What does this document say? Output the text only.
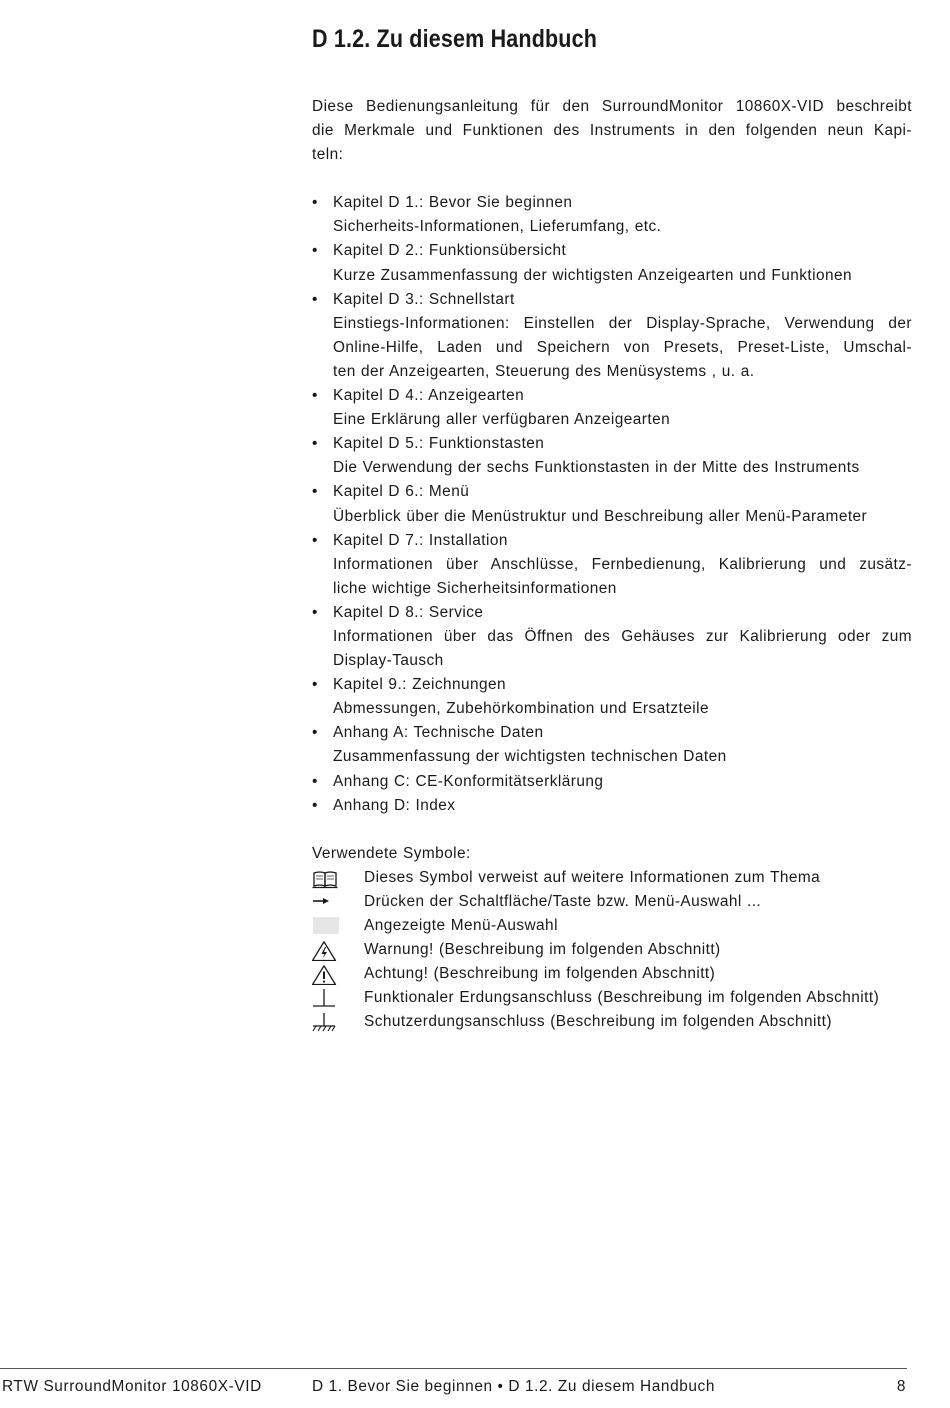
D 1.2. Zu diesem Handbuch
Diese Bedienungsanleitung für den SurroundMonitor 10860X-VID beschreibt
die Merkmale und Funktionen des Instruments in den folgenden neun Kapi-
teln:
• Kapitel D 1.: Bevor Sie beginnen
Sicherheits-Informationen, Lieferumfang, etc.
• Kapitel D 2.: Funktionsübersicht
Kurze Zusammenfassung der wichtigsten Anzeigearten und Funktionen
• Kapitel D 3.: Schnellstart
Einstiegs-Informationen: Einstellen der Display-Sprache, Verwendung der
Online-Hilfe, Laden und Speichern von Presets, Preset-Liste, Umschal-
ten der Anzeigearten, Steuerung des Menüsystems , u. a.
• Kapitel D 4.: Anzeigearten
Eine Erklärung aller verfügbaren Anzeigearten
• Kapitel D 5.: Funktionstasten
Die Verwendung der sechs Funktionstasten in der Mitte des Instruments
• Kapitel D 6.: Menü
Überblick über die Menüstruktur und Beschreibung aller Menü-Parameter
• Kapitel D 7.: Installation
Informationen über Anschlüsse, Fernbedienung, Kalibrierung und zusätz-
liche wichtige Sicherheitsinformationen
• Kapitel D 8.: Service
Informationen über das Öffnen des Gehäuses zur Kalibrierung oder zum
Display-Tausch
• Kapitel 9.: Zeichnungen
Abmessungen, Zubehörkombination und Ersatzteile
• Anhang A: Technische Daten
Zusammenfassung der wichtigsten technischen Daten
• Anhang C: CE-Konformitätserklärung
• Anhang D: Index
Verwendete Symbole:
Dieses Symbol verweist auf weitere Informationen zum Thema
Drücken der Schaltfläche/Taste bzw. Menü-Auswahl ...
Angezeigte Menü-Auswahl
Warnung! (Beschreibung im folgenden Abschnitt)
Achtung! (Beschreibung im folgenden Abschnitt)
Funktionaler Erdungsanschluss (Beschreibung im folgenden Abschnitt)
Schutzerdungsanschluss (Beschreibung im folgenden Abschnitt)
RTW SurroundMonitor 10860X-VID	D 1. Bevor Sie beginnen • D 1.2. Zu diesem Handbuch	8
